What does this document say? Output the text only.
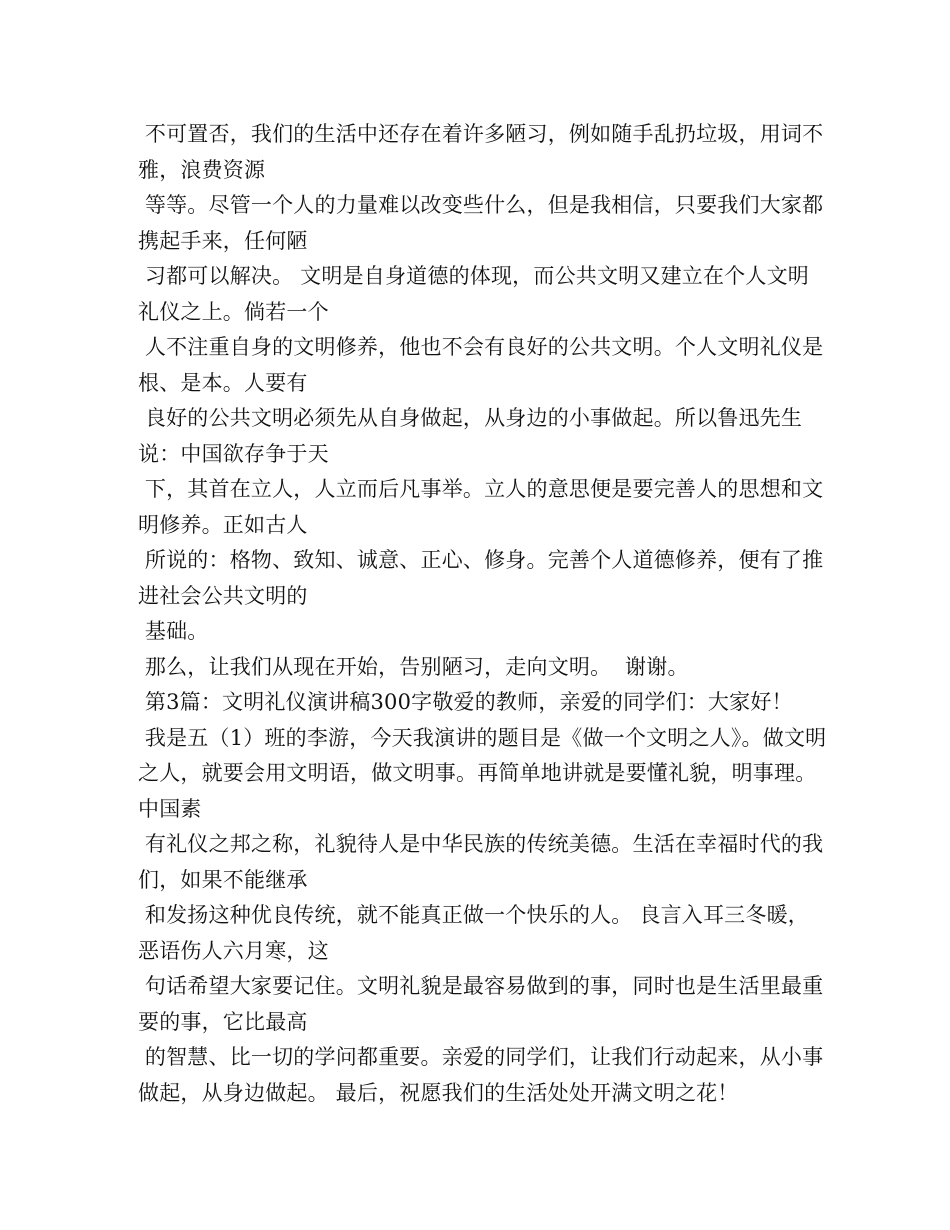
不可置否，我们的生活中还存在着许多陋习，例如随手乱扔垃圾，用词不雅，浪费资源

等等。尽管一个人的力量难以改变些什么，但是我相信，只要我们大家都携起手来，任何陋

习都可以解决。 文明是自身道德的体现，而公共文明又建立在个人文明礼仪之上。倘若一个

人不注重自身的文明修养，他也不会有良好的公共文明。个人文明礼仪是根、是本。人要有

良好的公共文明必须先从自身做起，从身边的小事做起。所以鲁迅先生说：中国欲存争于天

下，其首在立人，人立而后凡事举。立人的意思便是要完善人的思想和文明修养。正如古人

所说的：格物、致知、诚意、正心、修身。完善个人道德修养，便有了推进社会公共文明的

基础。

那么，让我们从现在开始，告别陋习，走向文明。  谢谢。

第3篇：文明礼仪演讲稿300字敬爱的教师，亲爱的同学们：大家好！

我是五（1）班的李游，今天我演讲的题目是《做一个文明之人》。做文明之人，就要会用文明语，做文明事。再简单地讲就是要懂礼貌，明事理。中国素

有礼仪之邦之称，礼貌待人是中华民族的传统美德。生活在幸福时代的我们，如果不能继承

和发扬这种优良传统，就不能真正做一个快乐的人。 良言入耳三冬暖，恶语伤人六月寒，这

句话希望大家要记住。文明礼貌是最容易做到的事，同时也是生活里最重要的事，它比最高

的智慧、比一切的学问都重要。亲爱的同学们，让我们行动起来，从小事做起，从身边做起。 最后，祝愿我们的生活处处开满文明之花！
